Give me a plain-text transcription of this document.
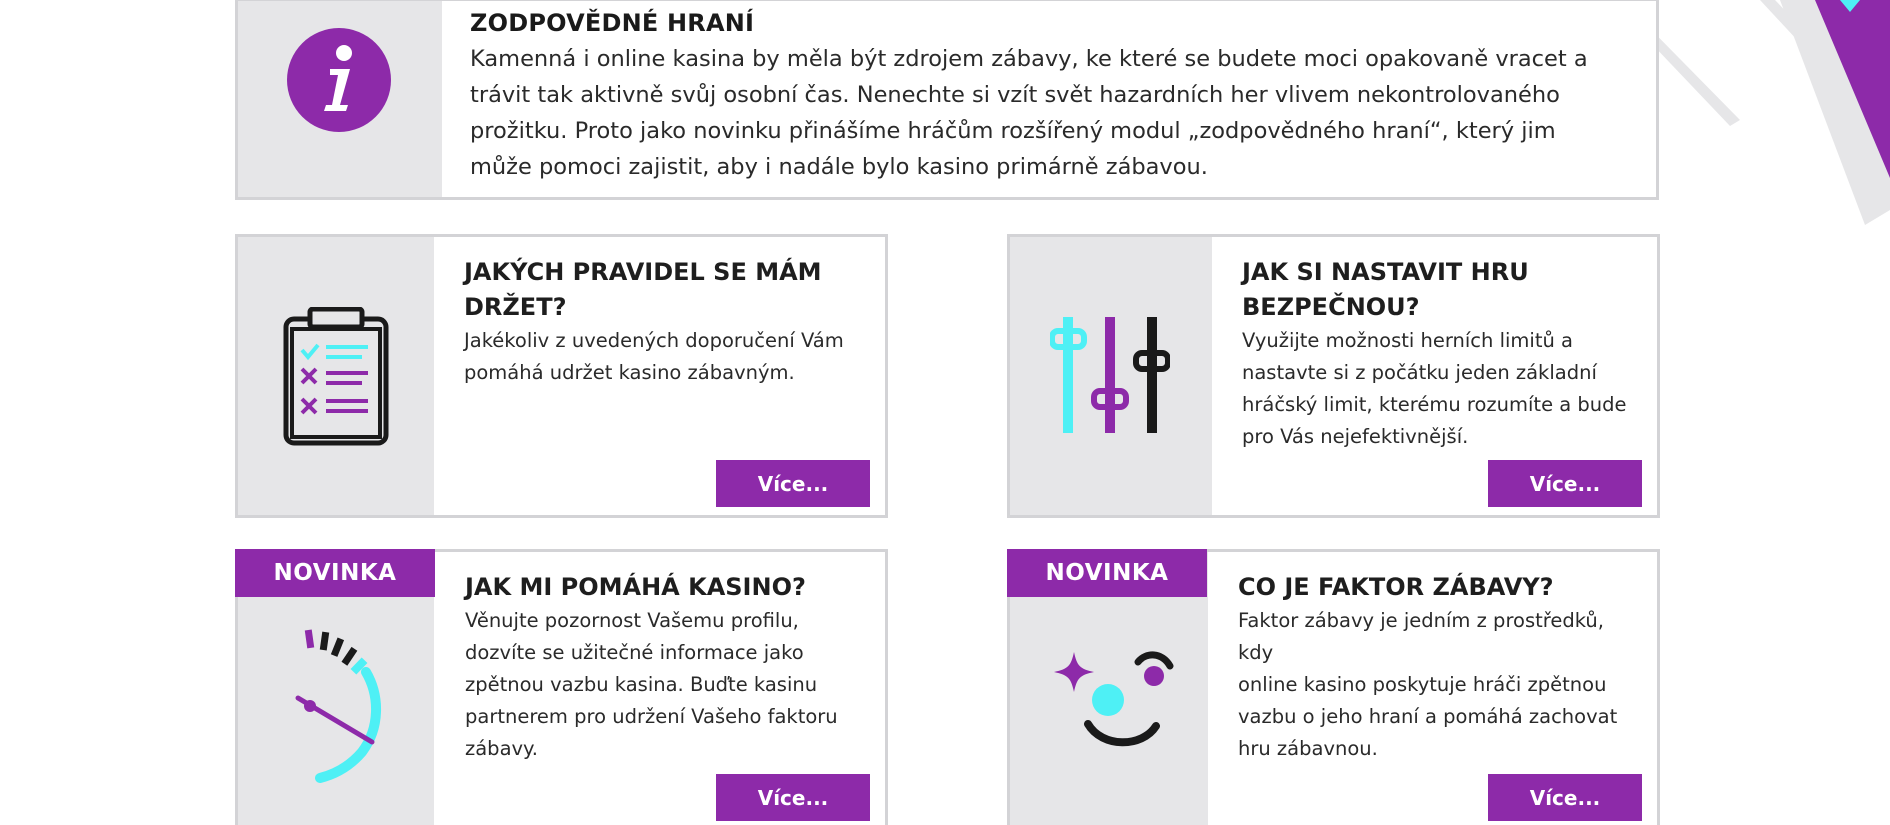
ZODPOVĚDNÉ HRANÍ

Kamenná i online kasina by měla být zdrojem zábavy, ke které se budete moci opakovaně vracet a trávit tak aktivně svůj osobní čas. Nenechte si vzít svět hazardních her vlivem nekontrolovaného prožitku. Proto jako novinku přinášíme hráčům rozšířený modul „zodpovědného hraní“, který jim může pomoci zajistit, aby i nadále bylo kasino primárně zábavou.

JAKÝCH PRAVIDEL SE MÁM
DRŽET?

Jakékoliv z uvedených doporučení Vám
pomáhá udržet kasino zábavným.

Více...
JAK SI NASTAVIT HRU
BEZPEČNOU?

Využijte možnosti herních limitů a
nastavte si z počátku jeden základní
hráčský limit, kterému rozumíte a bude
pro Vás nejefektivnější.

Více...
NOVINKA	JAK MI POMÁHÁ KASINO?

Věnujte pozornost Vašemu profilu,
dozvíte se užitečné informace jako
zpětnou vazbu kasina. Buďte kasinu
partnerem pro udržení Vašeho faktoru
zábavy.

Více...
NOVINKA	CO JE FAKTOR ZÁBAVY?

Faktor zábavy je jedním z prostředků, kdy
online kasino poskytuje hráči zpětnou
vazbu o jeho hraní a pomáhá zachovat
hru zábavnou.

Více...
